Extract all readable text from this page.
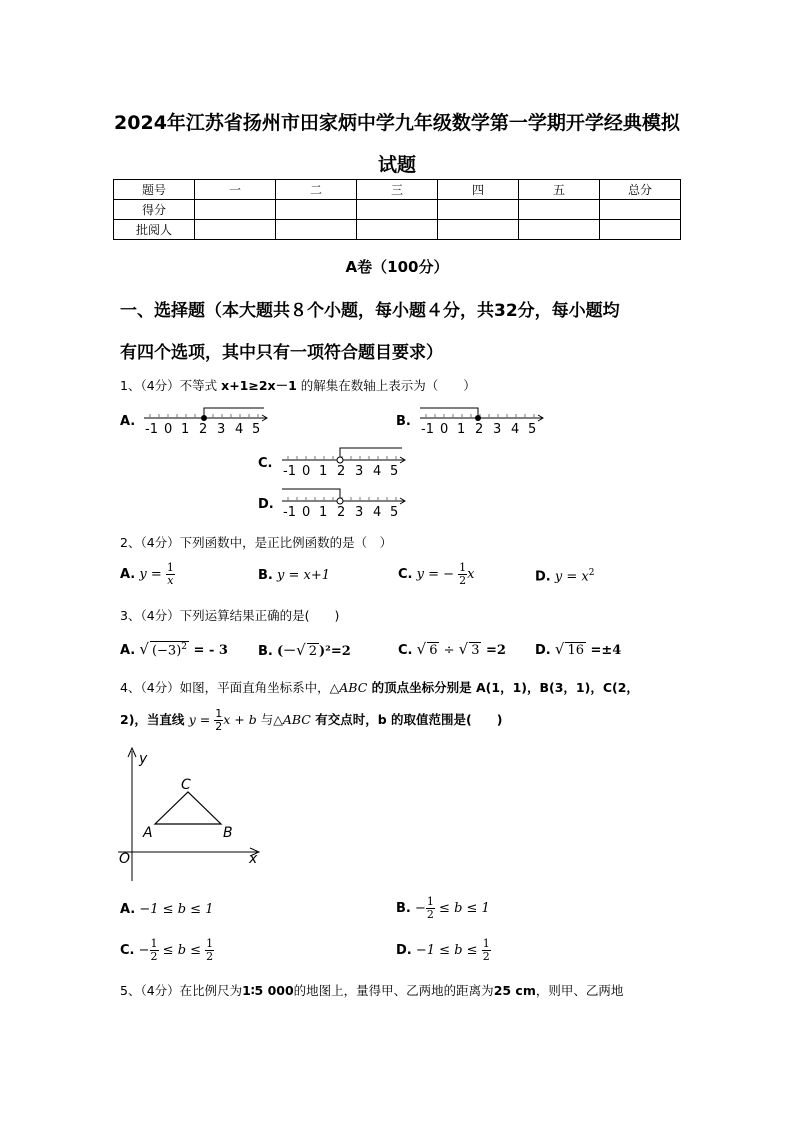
2024年江苏省扬州市田家炳中学九年级数学第一学期开学经典模拟
试题
题号	一	二	三	四	五	总分
得分						
批阅人						
A卷（100分）
一、选择题（本大题共８个小题，每小题４分，共32分，每小题均
有四个选项，其中只有一项符合题目要求）
1、（4分）不等式 x+1≥2x－1 的解集在数轴上表示为（　　）
A.
-1 0 1 2 3 4 5
B.
-1 0 1 2 3 4 5
C.
-1 0 1 2 3 4 5
D.
-1 0 1 2 3 4 5
2、（4分）下列函数中，是正比例函数的是（　）
A. $y = \frac{1}{x}$	B. y = x+1	C. y = − $\frac{1}{2}$ x	D. $y = x^2$
3、（4分）下列运算结果正确的是(　　)
A. √ $(-3)^2$ = - 3 B. (－√ 2 )²=2	C. √ 6 ÷ √ 3 =2 D. √ 16 =±4
4、（4分）如图，平面直角坐标系中，△ABC 的顶点坐标分别是 A(1，1)，B(3，1)，C(2，
2)，当直线 $y = \frac{1}{2}$ x + b 与△ABC 有交点时，b 的取值范围是(　　)
y
x
O
A	B
C
A. −1 ≤ b ≤ 1	B. − $\frac{1}{2} \le b \le 1$
C. − $\frac{1}{2} \le b \le \frac{1}{2}$	D. $-1 \le b \le \frac{1}{2}$
5、（4分）在比例尺为1∶5 000的地图上，量得甲、乙两地的距离为25 cm，则甲、乙两地
